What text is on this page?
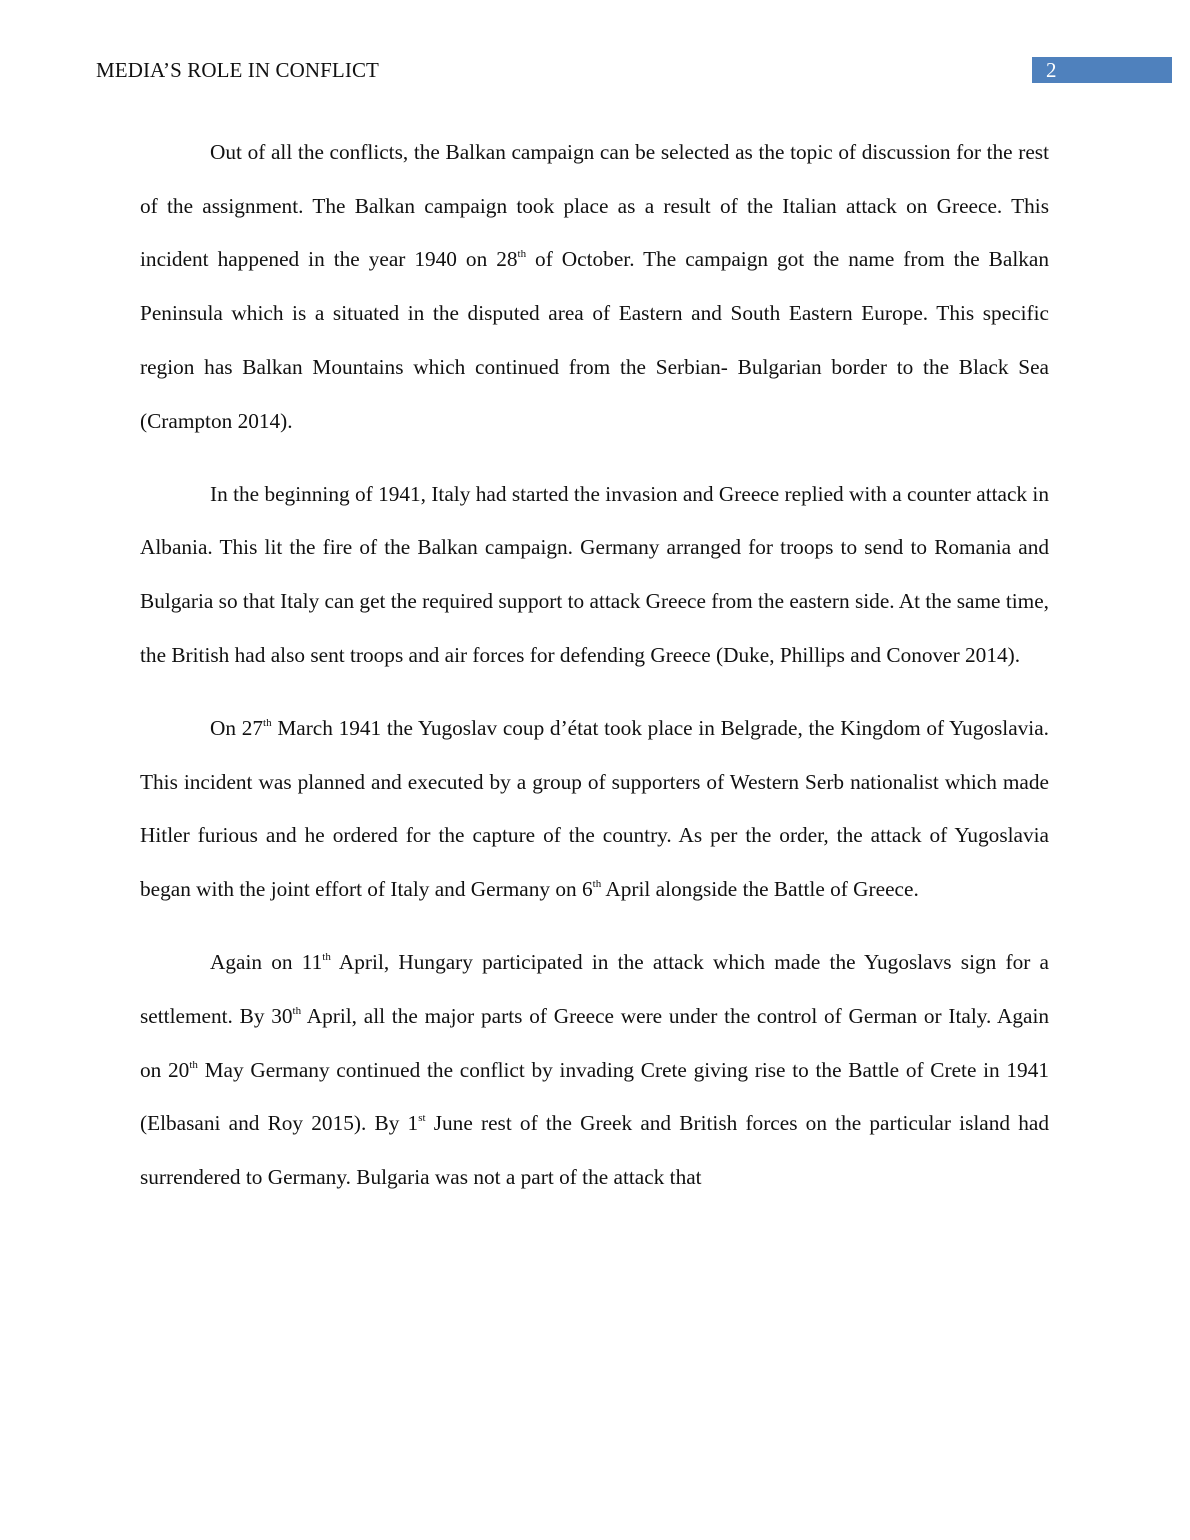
MEDIA’S ROLE IN CONFLICT	2

Out of all the conflicts, the Balkan campaign can be selected as the topic of discussion for the rest of the assignment. The Balkan campaign took place as a result of the Italian attack on Greece. This incident happened in the year 1940 on 28th of October. The campaign got the name from the Balkan Peninsula which is a situated in the disputed area of Eastern and South Eastern Europe. This specific region has Balkan Mountains which continued from the Serbian- Bulgarian border to the Black Sea (Crampton 2014).

In the beginning of 1941, Italy had started the invasion and Greece replied with a counter attack in Albania. This lit the fire of the Balkan campaign. Germany arranged for troops to send to Romania and Bulgaria so that Italy can get the required support to attack Greece from the eastern side. At the same time, the British had also sent troops and air forces for defending Greece (Duke, Phillips and Conover 2014).

On 27th March 1941 the Yugoslav coup d’état took place in Belgrade, the Kingdom of Yugoslavia. This incident was planned and executed by a group of supporters of Western Serb nationalist which made Hitler furious and he ordered for the capture of the country. As per the order, the attack of Yugoslavia began with the joint effort of Italy and Germany on 6th April alongside the Battle of Greece.

Again on 11th April, Hungary participated in the attack which made the Yugoslavs sign for a settlement. By 30th April, all the major parts of Greece were under the control of German or Italy. Again on 20th May Germany continued the conflict by invading Crete giving rise to the Battle of Crete in 1941 (Elbasani and Roy 2015). By 1st June rest of the Greek and British forces on the particular island had surrendered to Germany. Bulgaria was not a part of the attack that
